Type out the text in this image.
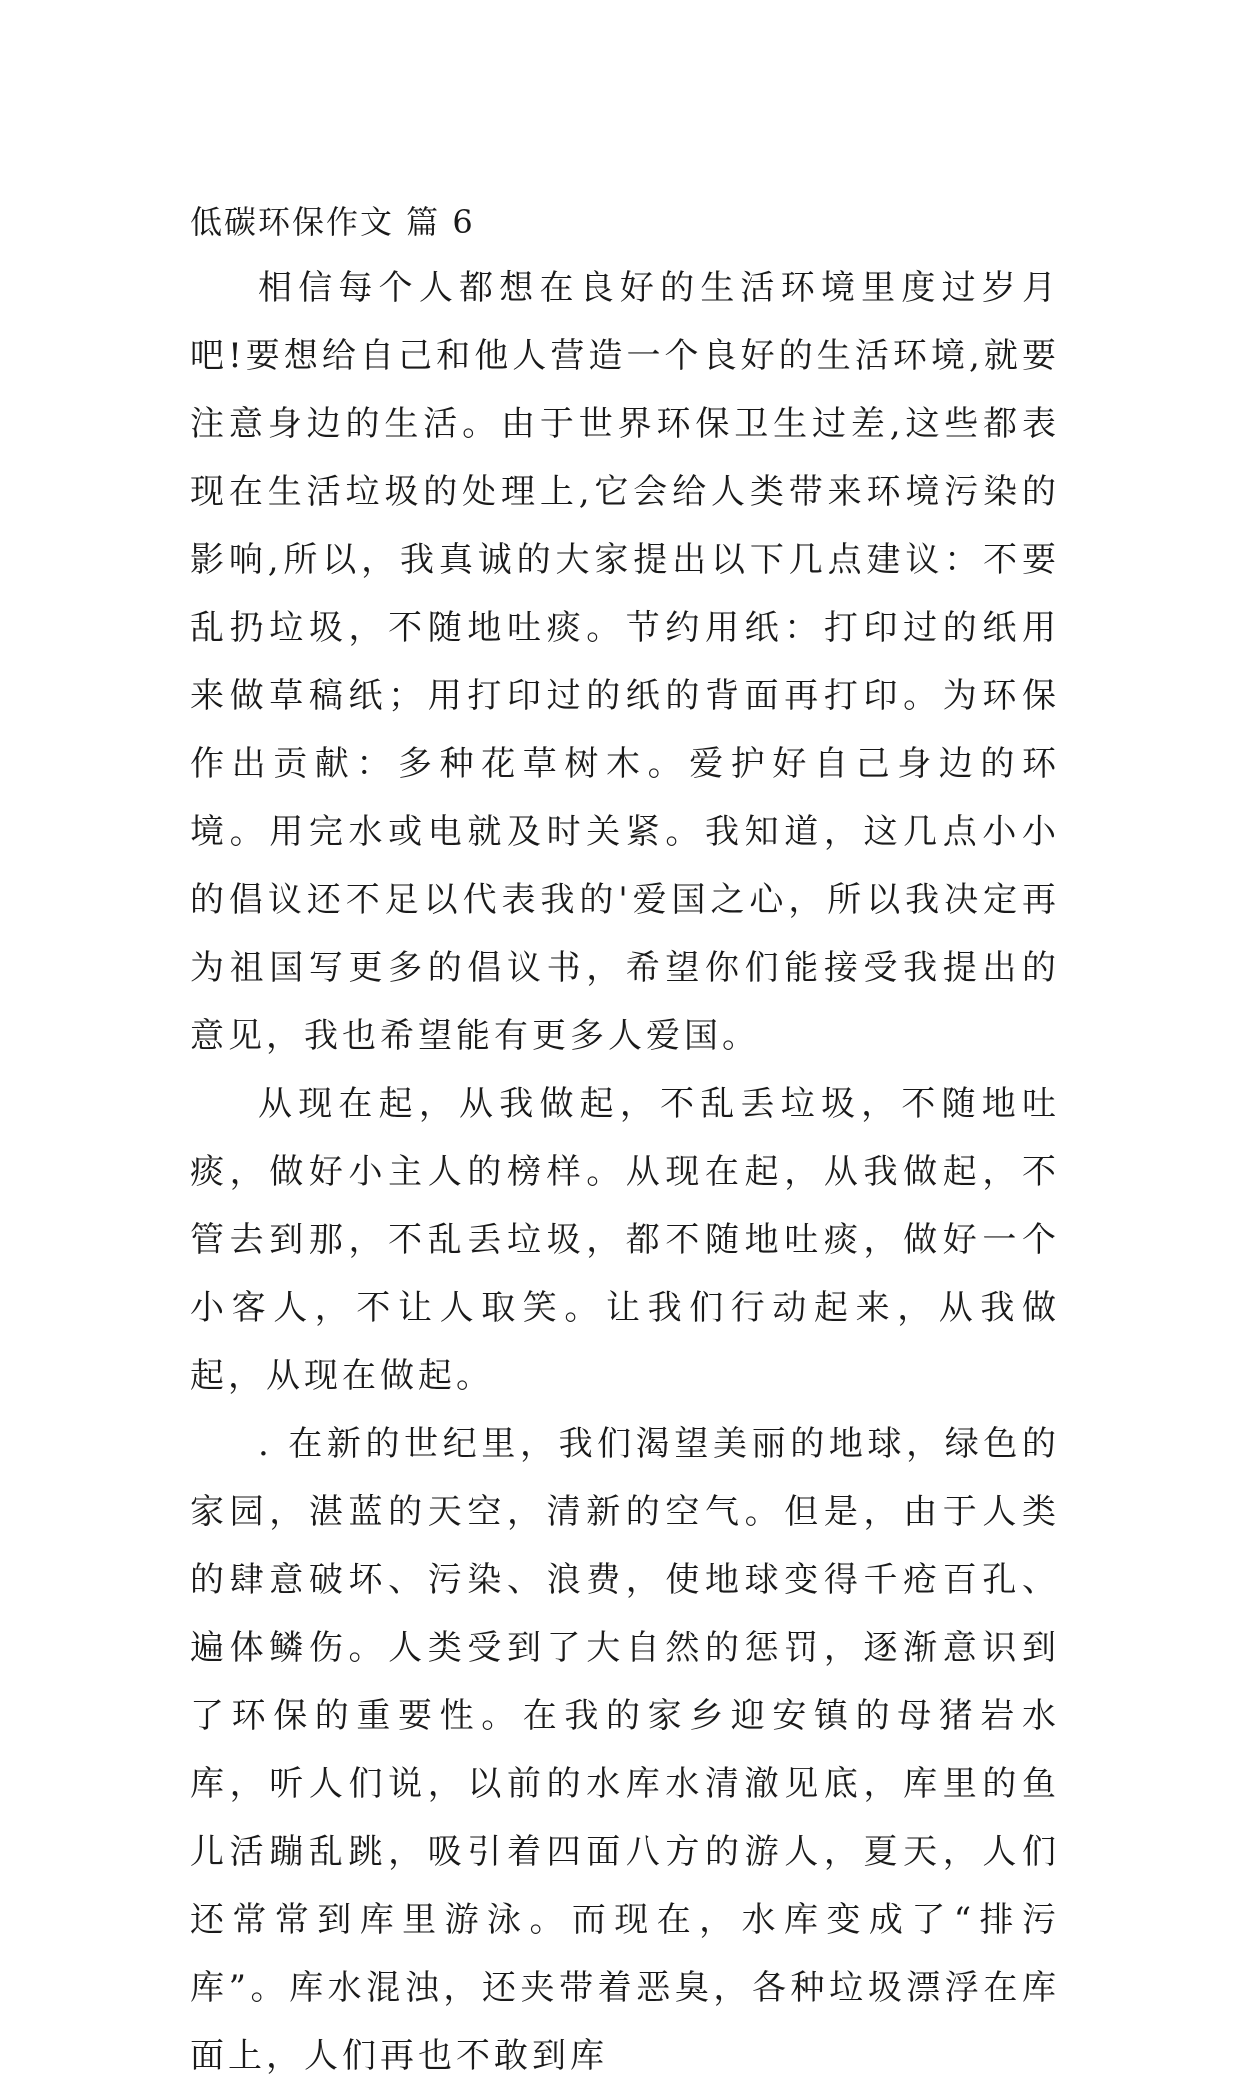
低碳环保作文 篇 6

相信每个人都想在良好的生活环境里度过岁月吧!要想给自己和他人营造一个良好的生活环境,就要注意身边的生活。由于世界环保卫生过差,这些都表现在生活垃圾的处理上,它会给人类带来环境污染的影响,所以，我真诚的大家提出以下几点建议：不要乱扔垃圾，不随地吐痰。节约用纸：打印过的纸用来做草稿纸；用打印过的纸的背面再打印。为环保作出贡献：多种花草树木。爱护好自己身边的环境。用完水或电就及时关紧。我知道，这几点小小的倡议还不足以代表我的'爱国之心，所以我决定再为祖国写更多的倡议书，希望你们能接受我提出的意见，我也希望能有更多人爱国。

从现在起，从我做起，不乱丢垃圾，不随地吐痰，做好小主人的榜样。从现在起，从我做起，不管去到那，不乱丢垃圾，都不随地吐痰，做好一个小客人，不让人取笑。让我们行动起来，从我做起，从现在做起。

. 在新的世纪里，我们渴望美丽的地球，绿色的家园，湛蓝的天空，清新的空气。但是，由于人类的肆意破坏、污染、浪费，使地球变得千疮百孔、遍体鳞伤。人类受到了大自然的惩罚，逐渐意识到了环保的重要性。在我的家乡迎安镇的母猪岩水库，听人们说，以前的水库水清澈见底，库里的鱼儿活蹦乱跳，吸引着四面八方的游人，夏天，人们还常常到库里游泳。而现在，水库变成了“排污库”。库水混浊，还夹带着恶臭，各种垃圾漂浮在库面上，人们再也不敢到库
